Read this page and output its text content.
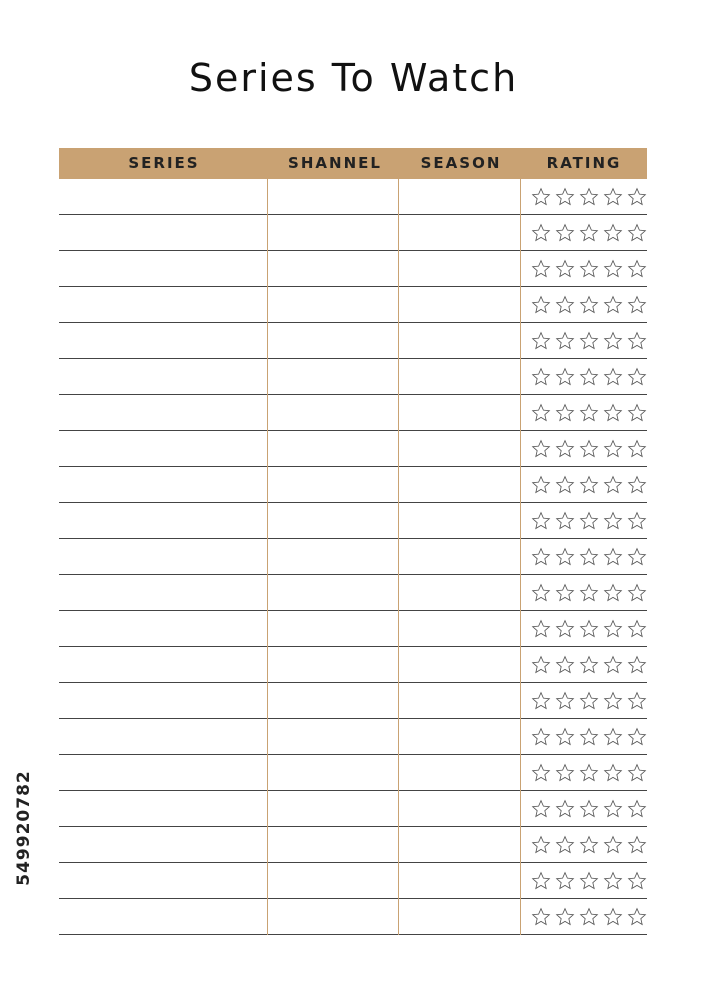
Series To Watch
SERIES	SHANNEL	SEASON	RATING
549920782
